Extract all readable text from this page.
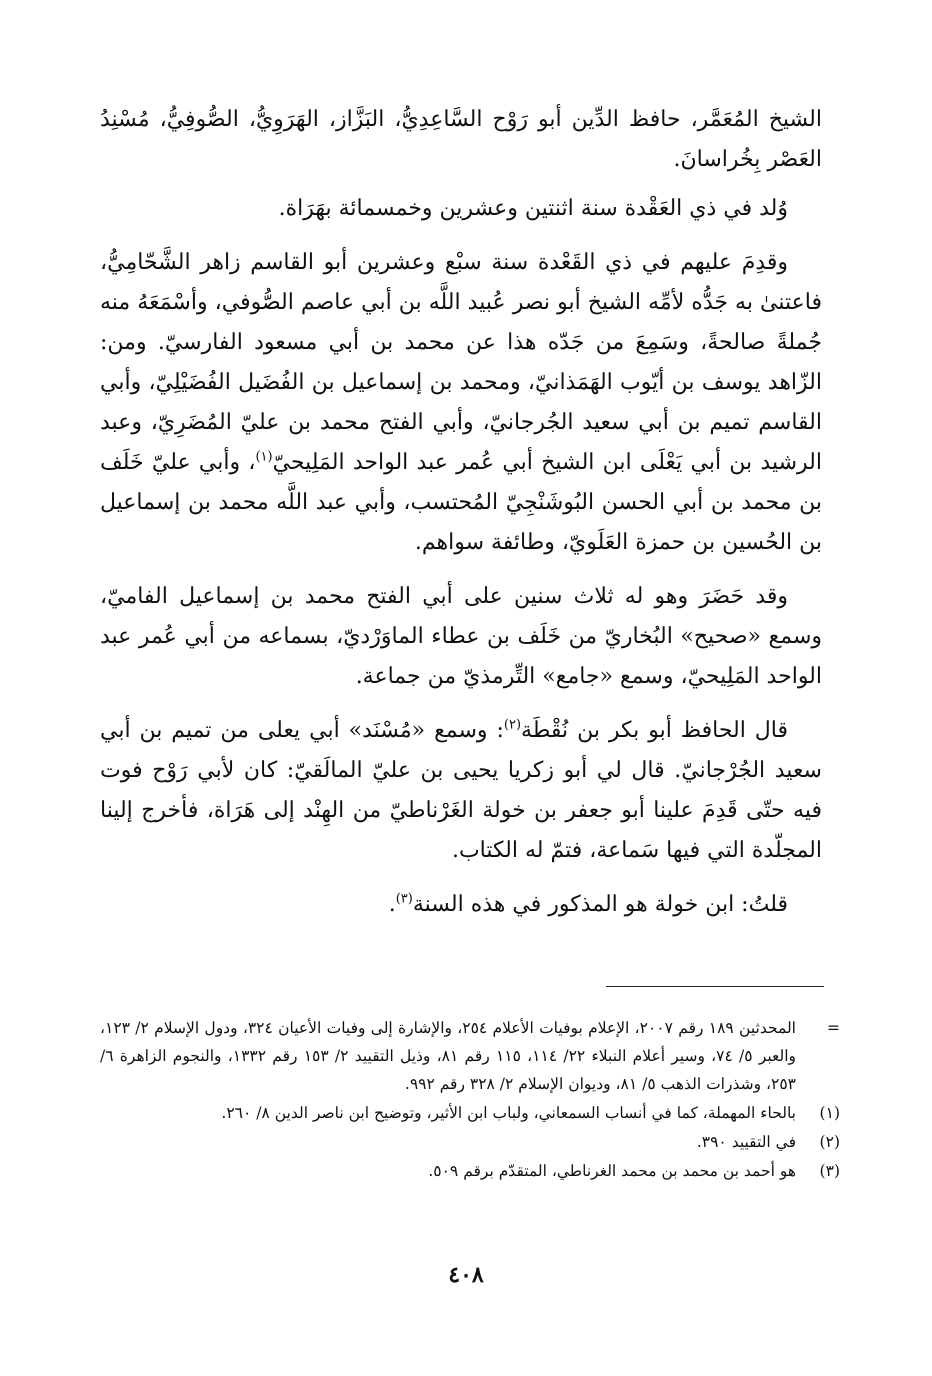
الشيخ المُعَمَّر، حافظ الدِّين أبو رَوْح السَّاعِدِيُّ، البَزَّاز، الهَرَوِيُّ، الصُّوفِيُّ، مُسْنِدُ العَصْر بِخُراسانَ.

وُلد في ذي العَقْدة سنة اثنتين وعشرين وخمسمائة بهَرَاة.

وقدِمَ عليهم في ذي القَعْدة سنة سبْع وعشرين أبو القاسم زاهر الشَّحّامِيُّ، فاعتنىٰ به جَدُّه لأمِّه الشيخ أبو نصر عُبيد اللَّه بن أبي عاصم الصُّوفي، وأسْمَعَهُ منه جُملةً صالحةً، وسَمِعَ من جَدّه هذا عن محمد بن أبي مسعود الفارسيّ. ومن: الزّاهد يوسف بن أيّوب الهَمَذانيّ، ومحمد بن إسماعيل بن الفُضَيل الفُضَيْلِيّ، وأبي القاسم تميم بن أبي سعيد الجُرجانيّ، وأبي الفتح محمد بن عليّ المُضَرِيّ، وعبد الرشيد بن أبي يَعْلَى ابن الشيخ أبي عُمر عبد الواحد المَلِيحيّ$^{(١)}$، وأبي عليّ خَلَف بن محمد بن أبي الحسن البُوشَنْجِيّ المُحتسب، وأبي عبد اللَّه محمد بن إسماعيل بن الحُسين بن حمزة العَلَويّ، وطائفة سواهم.

وقد حَضَرَ وهو له ثلاث سنين على أبي الفتح محمد بن إسماعيل الفاميّ، وسمع «صحيح» البُخاريّ من خَلَف بن عطاء الماوَرْديّ، بسماعه من أبي عُمر عبد الواحد المَلِيحيّ، وسمع «جامع» التِّرمذيّ من جماعة.

قال الحافظ أبو بكر بن نُقْطَة$^{(٢)}$: وسمع «مُسْنَد» أبي يعلى من تميم بن أبي سعيد الجُرْجانيّ. قال لي أبو زكريا يحيى بن عليّ المالَقيّ: كان لأبي رَوْح فوت فيه حتّى قَدِمَ علينا أبو جعفر بن خولة الغَرْناطيّ من الهِنْد إلى هَرَاة، فأخرج إلينا المجلّدة التي فيها سَماعة، فتمّ له الكتاب.

قلتُ: ابن خولة هو المذكور في هذه السنة$^{(٣)}$.

=
المحدثين ١٨٩ رقم ٢٠٠٧، الإعلام بوفيات الأعلام ٢٥٤، والإشارة إلى وفيات الأعيان ٣٢٤، ودول الإسلام ٢/ ١٢٣، والعبر ٥/ ٧٤، وسير أعلام النبلاء ٢٢/ ١١٤، ١١٥ رقم ٨١، وذيل التقييد ٢/ ١٥٣ رقم ١٣٣٢، والنجوم الزاهرة ٦/ ٢٥٣، وشذرات الذهب ٥/ ٨١، وديوان الإسلام ٢/ ٣٢٨ رقم ٩٩٢.
(١)
بالحاء المهملة، كما في أنساب السمعاني، ولباب ابن الأثير، وتوضيح ابن ناصر الدين ٨/ ٢٦٠.
(٢)
في التقييد ٣٩٠.
(٣)
هو أحمد بن محمد بن محمد الغرناطي، المتقدّم برقم ٥٠٩.
٤٠٨
